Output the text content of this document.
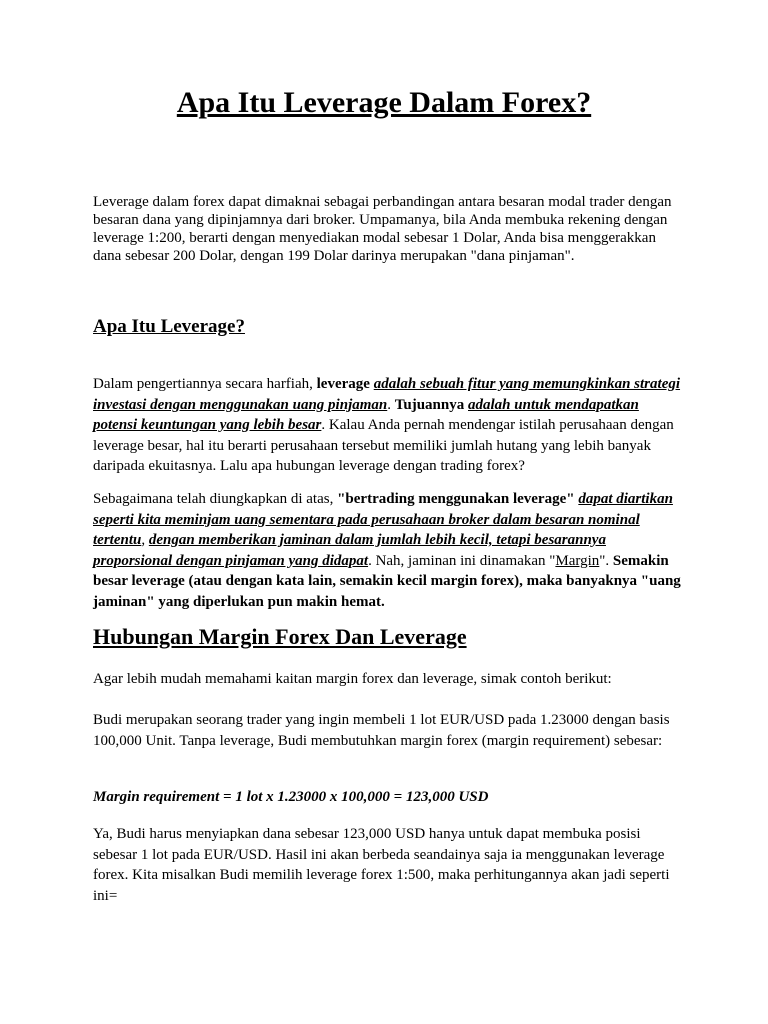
Apa Itu Leverage Dalam Forex?

Leverage dalam forex dapat dimaknai sebagai perbandingan antara besaran modal trader dengan besaran dana yang dipinjamnya dari broker. Umpamanya, bila Anda membuka rekening dengan leverage 1:200, berarti dengan menyediakan modal sebesar 1 Dolar, Anda bisa menggerakkan dana sebesar 200 Dolar, dengan 199 Dolar darinya merupakan "dana pinjaman".

Apa Itu Leverage?

Dalam pengertiannya secara harfiah, leverage adalah sebuah fitur yang memungkinkan strategi investasi dengan menggunakan uang pinjaman. Tujuannya adalah untuk mendapatkan potensi keuntungan yang lebih besar. Kalau Anda pernah mendengar istilah perusahaan dengan leverage besar, hal itu berarti perusahaan tersebut memiliki jumlah hutang yang lebih banyak daripada ekuitasnya. Lalu apa hubungan leverage dengan trading forex?

Sebagaimana telah diungkapkan di atas, "bertrading menggunakan leverage" dapat diartikan seperti kita meminjam uang sementara pada perusahaan broker dalam besaran nominal tertentu, dengan memberikan jaminan dalam jumlah lebih kecil, tetapi besarannya proporsional dengan pinjaman yang didapat. Nah, jaminan ini dinamakan "Margin". Semakin besar leverage (atau dengan kata lain, semakin kecil margin forex), maka banyaknya "uang jaminan" yang diperlukan pun makin hemat.

Hubungan Margin Forex Dan Leverage

Agar lebih mudah memahami kaitan margin forex dan leverage, simak contoh berikut:

Budi merupakan seorang trader yang ingin membeli 1 lot EUR/USD pada 1.23000 dengan basis 100,000 Unit. Tanpa leverage, Budi membutuhkan margin forex (margin requirement) sebesar:

Margin requirement = 1 lot x 1.23000 x 100,000 = 123,000 USD

Ya, Budi harus menyiapkan dana sebesar 123,000 USD hanya untuk dapat membuka posisi sebesar 1 lot pada EUR/USD. Hasil ini akan berbeda seandainya saja ia menggunakan leverage forex. Kita misalkan Budi memilih leverage forex 1:500, maka perhitungannya akan jadi seperti ini=
